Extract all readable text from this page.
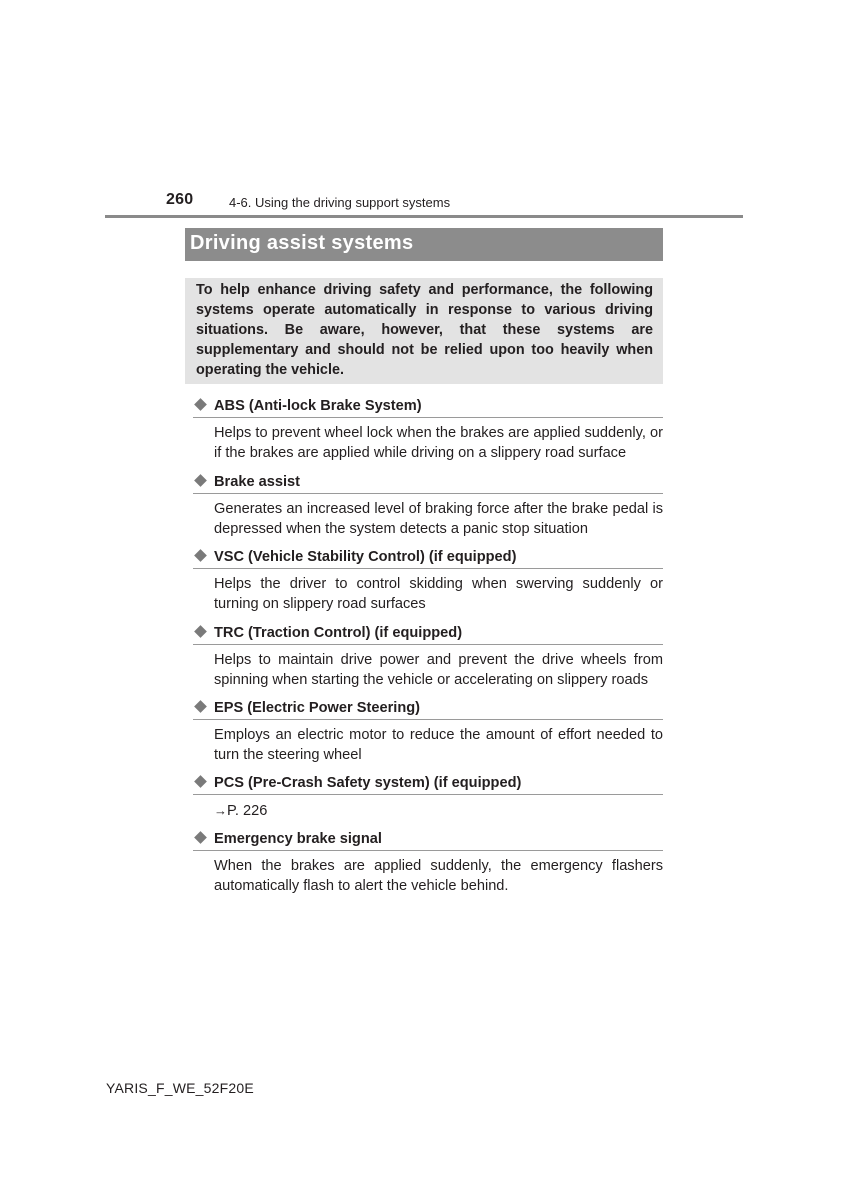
260	4-6. Using the driving support systems
Driving assist systems
To help enhance driving safety and performance, the following systems operate automatically in response to various driving situations. Be aware, however, that these systems are supplementary and should not be relied upon too heavily when operating the vehicle.
ABS (Anti-lock Brake System)
Helps to prevent wheel lock when the brakes are applied suddenly, or if the brakes are applied while driving on a slippery road surface
Brake assist
Generates an increased level of braking force after the brake pedal is depressed when the system detects a panic stop situation
VSC (Vehicle Stability Control) (if equipped)
Helps the driver to control skidding when swerving suddenly or turning on slippery road surfaces
TRC (Traction Control) (if equipped)
Helps to maintain drive power and prevent the drive wheels from spinning when starting the vehicle or accelerating on slippery roads
EPS (Electric Power Steering)
Employs an electric motor to reduce the amount of effort needed to turn the steering wheel
PCS (Pre-Crash Safety system) (if equipped)
→P. 226
Emergency brake signal
When the brakes are applied suddenly, the emergency flashers automatically flash to alert the vehicle behind.
YARIS_F_WE_52F20E
